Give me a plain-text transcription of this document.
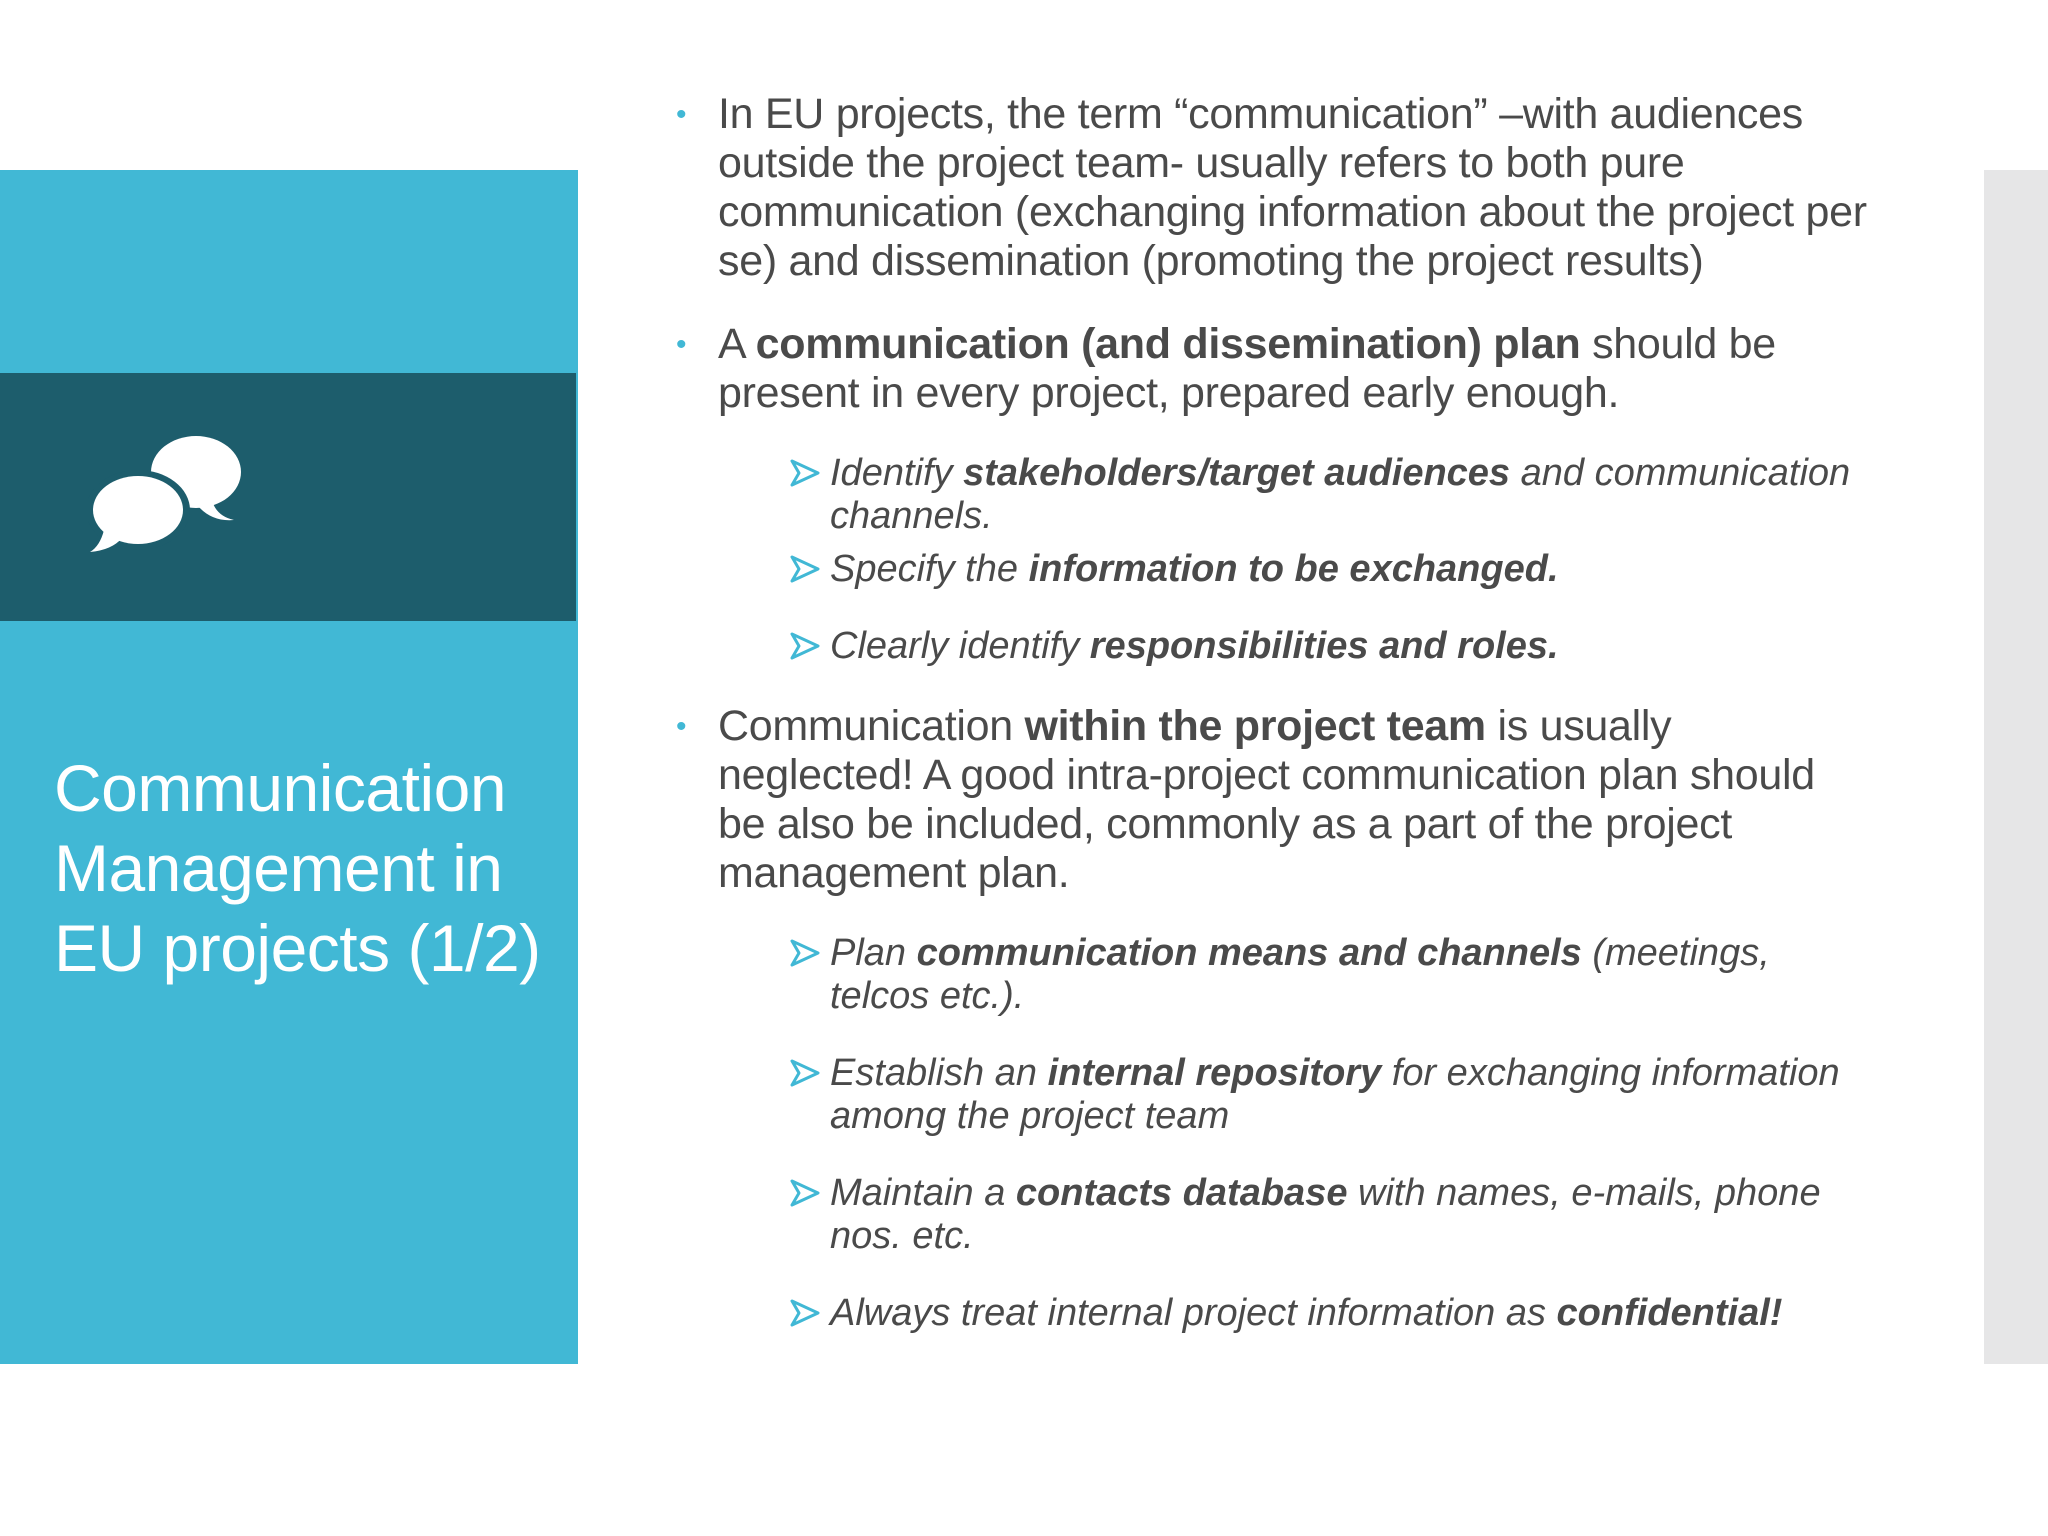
Communication Management in EU projects (1/2)
• In EU projects, the term “communication” –with audiences outside the project team- usually refers to both pure communication (exchanging information about the project per se) and dissemination (promoting the project results)
• A communication (and dissemination) plan should be present in every project, prepared early enough.
Identify stakeholders/target audiences and communication channels.
Specify the information to be exchanged.
Clearly identify responsibilities and roles.
• Communication within the project team is usually neglected! A good intra-project communication plan should be also be included, commonly as a part of the project management plan.
Plan communication means and channels (meetings, telcos etc.).
Establish an internal repository for exchanging information among the project team
Maintain a contacts database with names, e-mails, phone nos. etc.
Always treat internal project information as confidential!
